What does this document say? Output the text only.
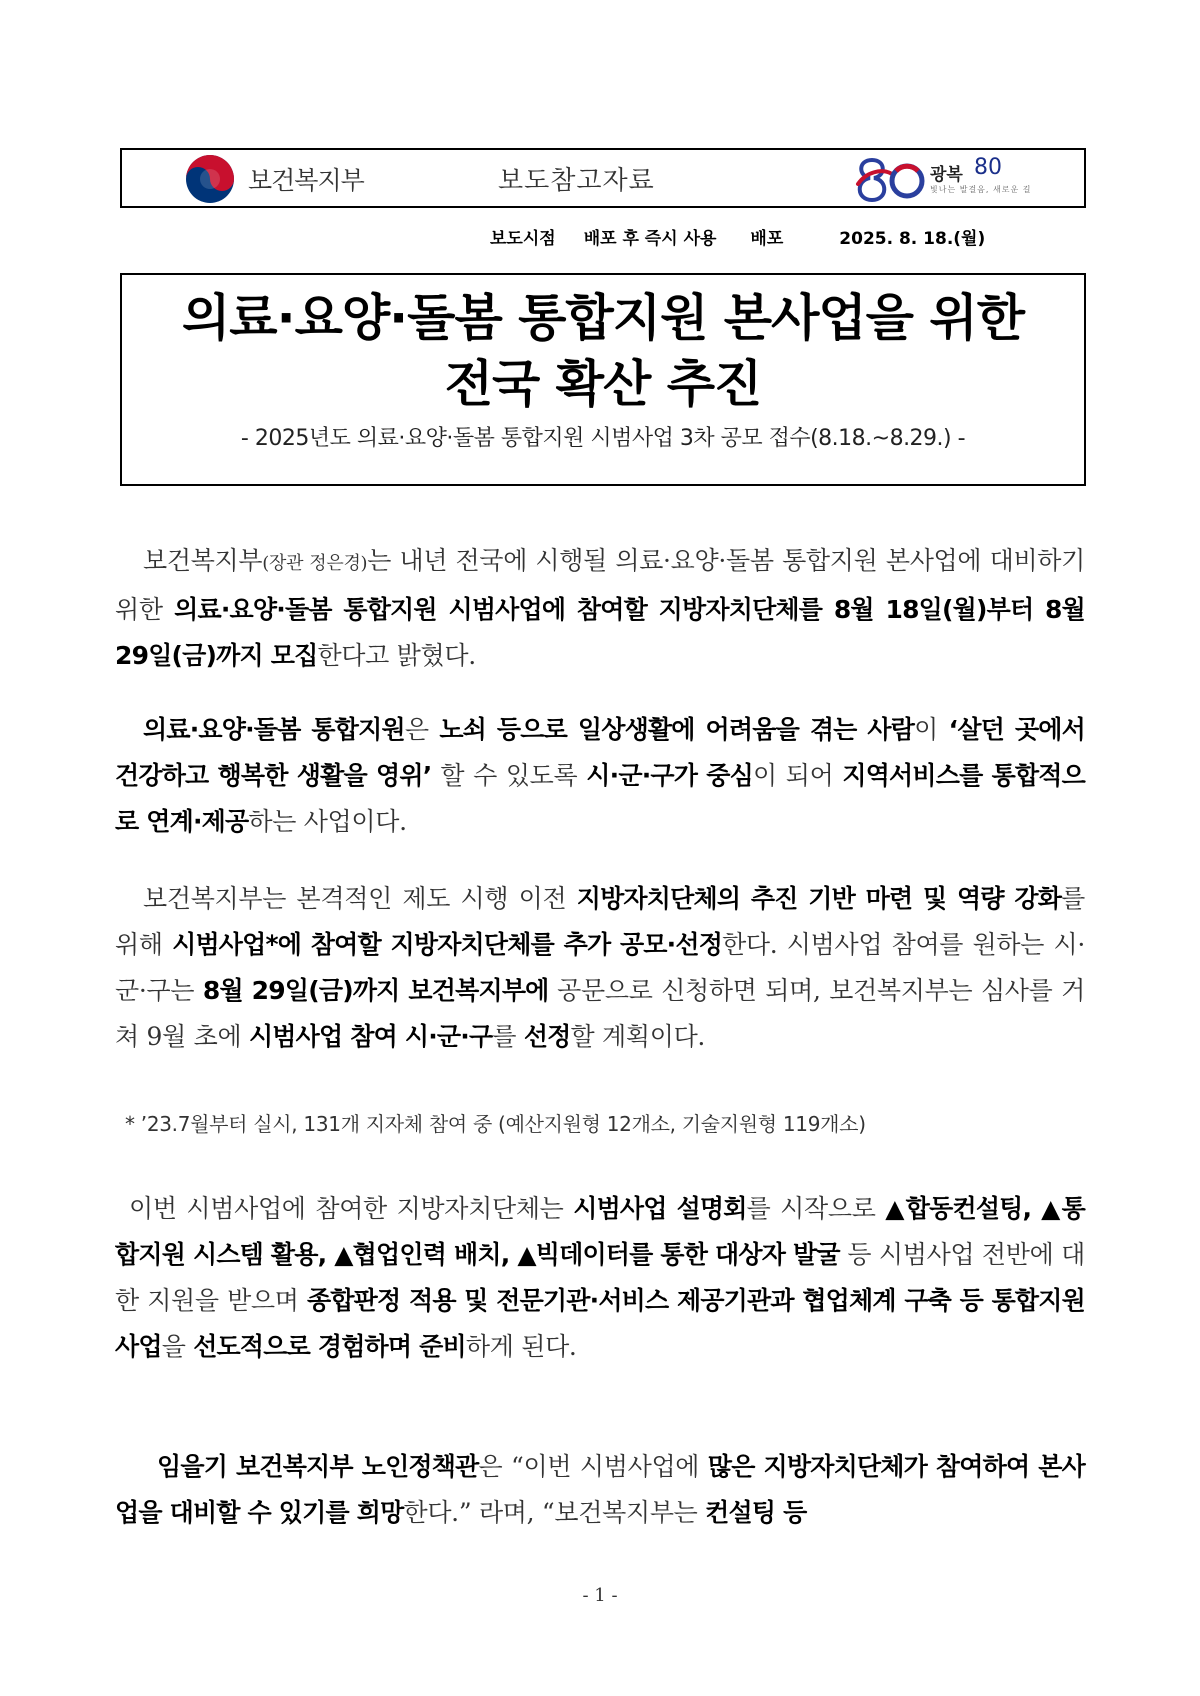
보건복지부	보도참고자료	광복 80
빛나는 발걸음, 새로운 길
보도시점 배포 후 즉시 사용 배포	2025. 8. 18.(월)
의료·요양·돌봄 통합지원 본사업을 위한
전국 확산 추진
- 2025년도 의료·요양·돌봄 통합지원 시범사업 3차 공모 접수(8.18.~8.29.) -
보건복지부(장관 정은경)는 내년 전국에 시행될 의료·요양·돌봄 통합지원 본사업에 대비하기 위한 의료·요양·돌봄 통합지원 시범사업에 참여할 지방자치단체를 8월 18일(월)부터 8월 29일(금)까지 모집한다고 밝혔다.
의료·요양·돌봄 통합지원은 노쇠 등으로 일상생활에 어려움을 겪는 사람이 ‘살던 곳에서 건강하고 행복한 생활을 영위’ 할 수 있도록 시·군·구가 중심이 되어 지역서비스를 통합적으로 연계·제공하는 사업이다.
보건복지부는 본격적인 제도 시행 이전 지방자치단체의 추진 기반 마련 및 역량 강화를 위해 시범사업*에 참여할 지방자치단체를 추가 공모·선정한다. 시범사업 참여를 원하는 시·군·구는 8월 29일(금)까지 보건복지부에 공문으로 신청하면 되며, 보건복지부는 심사를 거쳐 9월 초에 시범사업 참여 시·군·구를 선정할 계획이다.
* ’23.7월부터 실시, 131개 지자체 참여 중 (예산지원형 12개소, 기술지원형 119개소)
이번 시범사업에 참여한 지방자치단체는 시범사업 설명회를 시작으로 ▲합동컨설팅, ▲통합지원 시스템 활용, ▲협업인력 배치, ▲빅데이터를 통한 대상자 발굴 등 시범사업 전반에 대한 지원을 받으며 종합판정 적용 및 전문기관·서비스 제공기관과 협업체계 구축 등 통합지원 사업을 선도적으로 경험하며 준비하게 된다.
임을기 보건복지부 노인정책관은 “이번 시범사업에 많은 지방자치단체가 참여하여 본사업을 대비할 수 있기를 희망한다.” 라며, “보건복지부는 컨설팅 등
- 1 -
